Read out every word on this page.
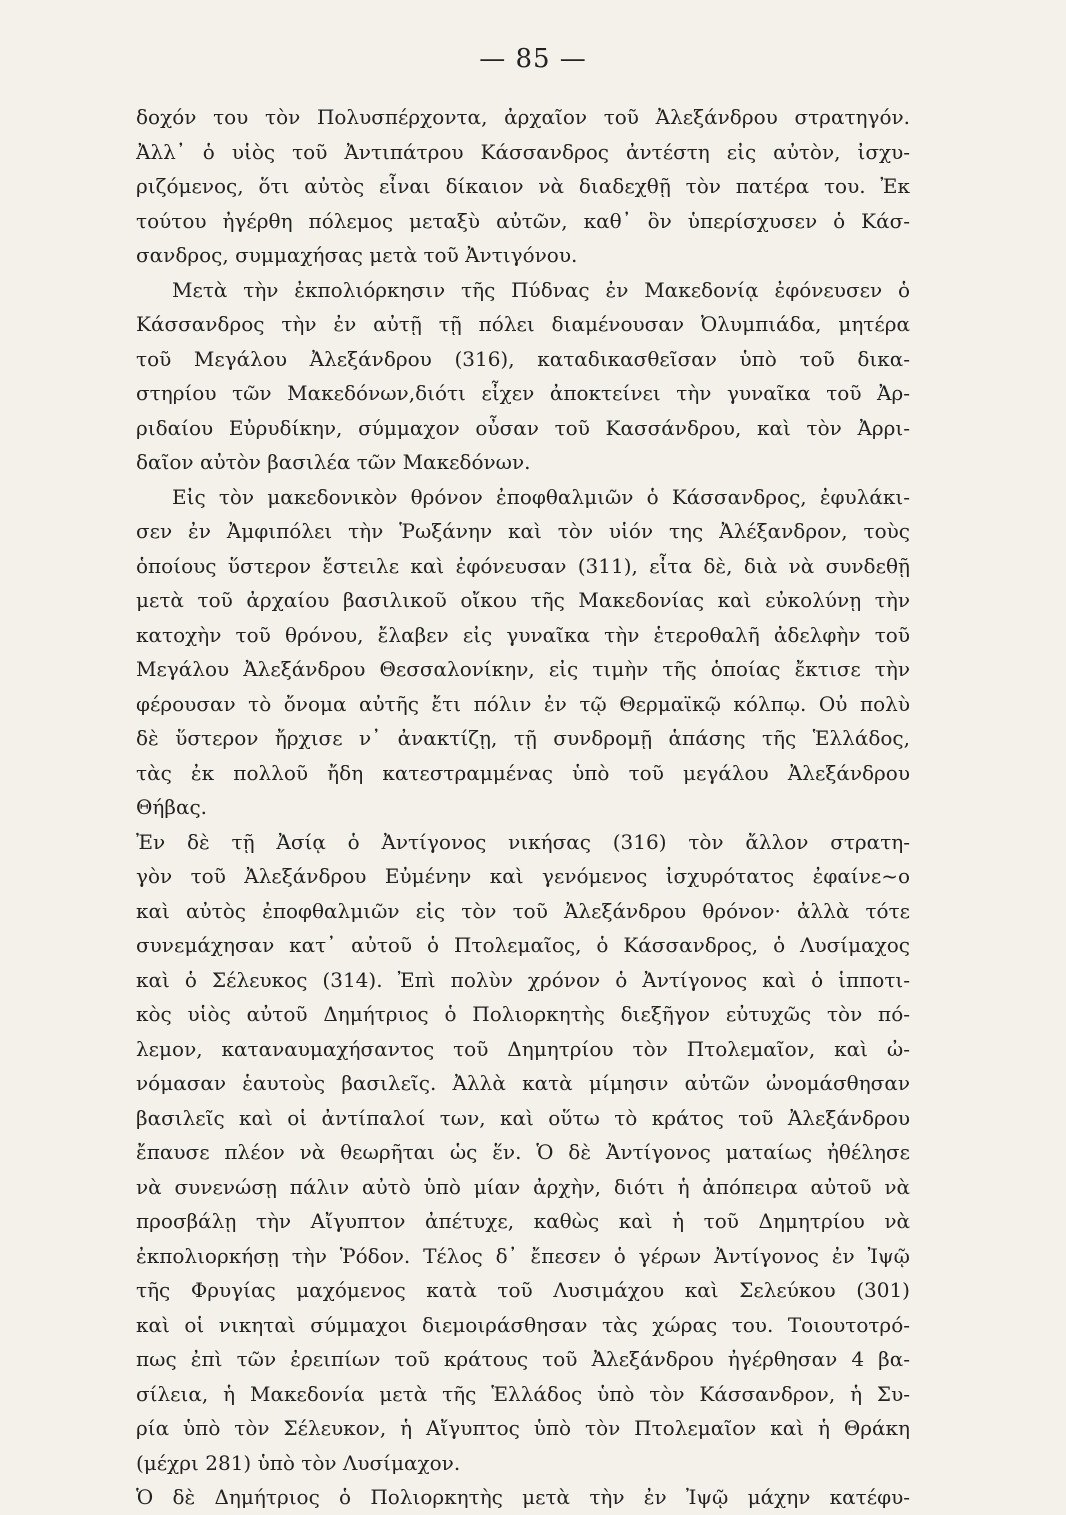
— 85 —
δοχόν του τὸν Πολυσπέρχοντα, ἀρχαῖον τοῦ Ἀλεξάνδρου στρατηγόν.
Ἀλλ᾽ ὁ υἱὸς τοῦ Ἀντιπάτρου Κάσσανδρος ἀντέστη εἰς αὐτὸν, ἰσχυ-
ριζόμενος, ὅτι αὐτὸς εἶναι δίκαιον νὰ διαδεχθῇ τὸν πατέρα του. Ἐκ
τούτου ἠγέρθη πόλεμος μεταξὺ αὐτῶν, καθ᾽ ὃν ὑπερίσχυσεν ὁ Κάσ-
σανδρος, συμμαχήσας μετὰ τοῦ Ἀντιγόνου.
Μετὰ τὴν ἐκπολιόρκησιν τῆς Πύδνας ἐν Μακεδονίᾳ ἐφόνευσεν ὁ
Κάσσανδρος τὴν ἐν αὐτῇ τῇ πόλει διαμένουσαν Ὀλυμπιάδα, μητέρα
τοῦ Μεγάλου Ἀλεξάνδρου (316), καταδικασθεῖσαν ὑπὸ τοῦ δικα-
στηρίου τῶν Μακεδόνων,διότι εἶχεν ἀποκτείνει τὴν γυναῖκα τοῦ Ἀρ-
ριδαίου Εὐρυδίκην, σύμμαχον οὖσαν τοῦ Κασσάνδρου, καὶ τὸν Ἀρρι-
δαῖον αὐτὸν βασιλέα τῶν Μακεδόνων.
Εἰς τὸν μακεδονικὸν θρόνον ἐποφθαλμιῶν ὁ Κάσσανδρος, ἐφυλάκι-
σεν ἐν Ἀμφιπόλει τὴν Ῥωξάνην καὶ τὸν υἱόν της Ἀλέξανδρον, τοὺς
ὁποίους ὕστερον ἔστειλε καὶ ἐφόνευσαν (311), εἶτα δὲ, διὰ νὰ συνδεθῇ
μετὰ τοῦ ἀρχαίου βασιλικοῦ οἴκου τῆς Μακεδονίας καὶ εὐκολύνῃ τὴν
κατοχὴν τοῦ θρόνου, ἔλαβεν εἰς γυναῖκα τὴν ἑτεροθαλῆ ἀδελφὴν τοῦ
Μεγάλου Ἀλεξάνδρου Θεσσαλονίκην, εἰς τιμὴν τῆς ὁποίας ἔκτισε τὴν
φέρουσαν τὸ ὄνομα αὐτῆς ἔτι πόλιν ἐν τῷ Θερμαϊκῷ κόλπῳ. Οὐ πολὺ
δὲ ὕστερον ἤρχισε ν᾽ ἀνακτίζῃ, τῇ συνδρομῇ ἁπάσης τῆς Ἑλλάδος,
τὰς ἐκ πολλοῦ ἤδη κατεστραμμένας ὑπὸ τοῦ μεγάλου Ἀλεξάνδρου
Θήβας.
Ἐν δὲ τῇ Ἀσίᾳ ὁ Ἀντίγονος νικήσας (316) τὸν ἄλλον στρατη-
γὸν τοῦ Ἀλεξάνδρου Εὐμένην καὶ γενόμενος ἰσχυρότατος ἐφαίνε~ο
καὶ αὐτὸς ἐποφθαλμιῶν εἰς τὸν τοῦ Ἀλεξάνδρου θρόνον· ἀλλὰ τότε
συνεμάχησαν κατ᾽ αὐτοῦ ὁ Πτολεμαῖος, ὁ Κάσσανδρος, ὁ Λυσίμαχος
καὶ ὁ Σέλευκος (314). Ἐπὶ πολὺν χρόνον ὁ Ἀντίγονος καὶ ὁ ἱπποτι-
κὸς υἱὸς αὐτοῦ Δημήτριος ὁ Πολιορκητὴς διεξῆγον εὐτυχῶς τὸν πό-
λεμον, καταναυμαχήσαντος τοῦ Δημητρίου τὸν Πτολεμαῖον, καὶ ὠ-
νόμασαν ἑαυτοὺς βασιλεῖς. Ἀλλὰ κατὰ μίμησιν αὐτῶν ὠνομάσθησαν
βασιλεῖς καὶ οἱ ἀντίπαλοί των, καὶ οὕτω τὸ κράτος τοῦ Ἀλεξάνδρου
ἔπαυσε πλέον νὰ θεωρῆται ὡς ἕν. Ὁ δὲ Ἀντίγονος ματαίως ἠθέλησε
νὰ συνενώσῃ πάλιν αὐτὸ ὑπὸ μίαν ἀρχὴν, διότι ἡ ἀπόπειρα αὐτοῦ νὰ
προσβάλῃ τὴν Αἴγυπτον ἀπέτυχε, καθὼς καὶ ἡ τοῦ Δημητρίου νὰ
ἐκπολιορκήσῃ τὴν Ῥόδον. Τέλος δ᾽ ἔπεσεν ὁ γέρων Ἀντίγονος ἐν Ἰψῷ
τῆς Φρυγίας μαχόμενος κατὰ τοῦ Λυσιμάχου καὶ Σελεύκου (301)
καὶ οἱ νικηταὶ σύμμαχοι διεμοιράσθησαν τὰς χώρας του. Τοιουτοτρό-
πως ἐπὶ τῶν ἐρειπίων τοῦ κράτους τοῦ Ἀλεξάνδρου ἠγέρθησαν 4 βα-
σίλεια, ἡ Μακεδονία μετὰ τῆς Ἑλλάδος ὑπὸ τὸν Κάσσανδρον, ἡ Συ-
ρία ὑπὸ τὸν Σέλευκον, ἡ Αἴγυπτος ὑπὸ τὸν Πτολεμαῖον καὶ ἡ Θράκη
(μέχρι 281) ὑπὸ τὸν Λυσίμαχον.
Ὁ δὲ Δημήτριος ὁ Πολιορκητὴς μετὰ τὴν ἐν Ἰψῷ μάχην κατέφυ-
